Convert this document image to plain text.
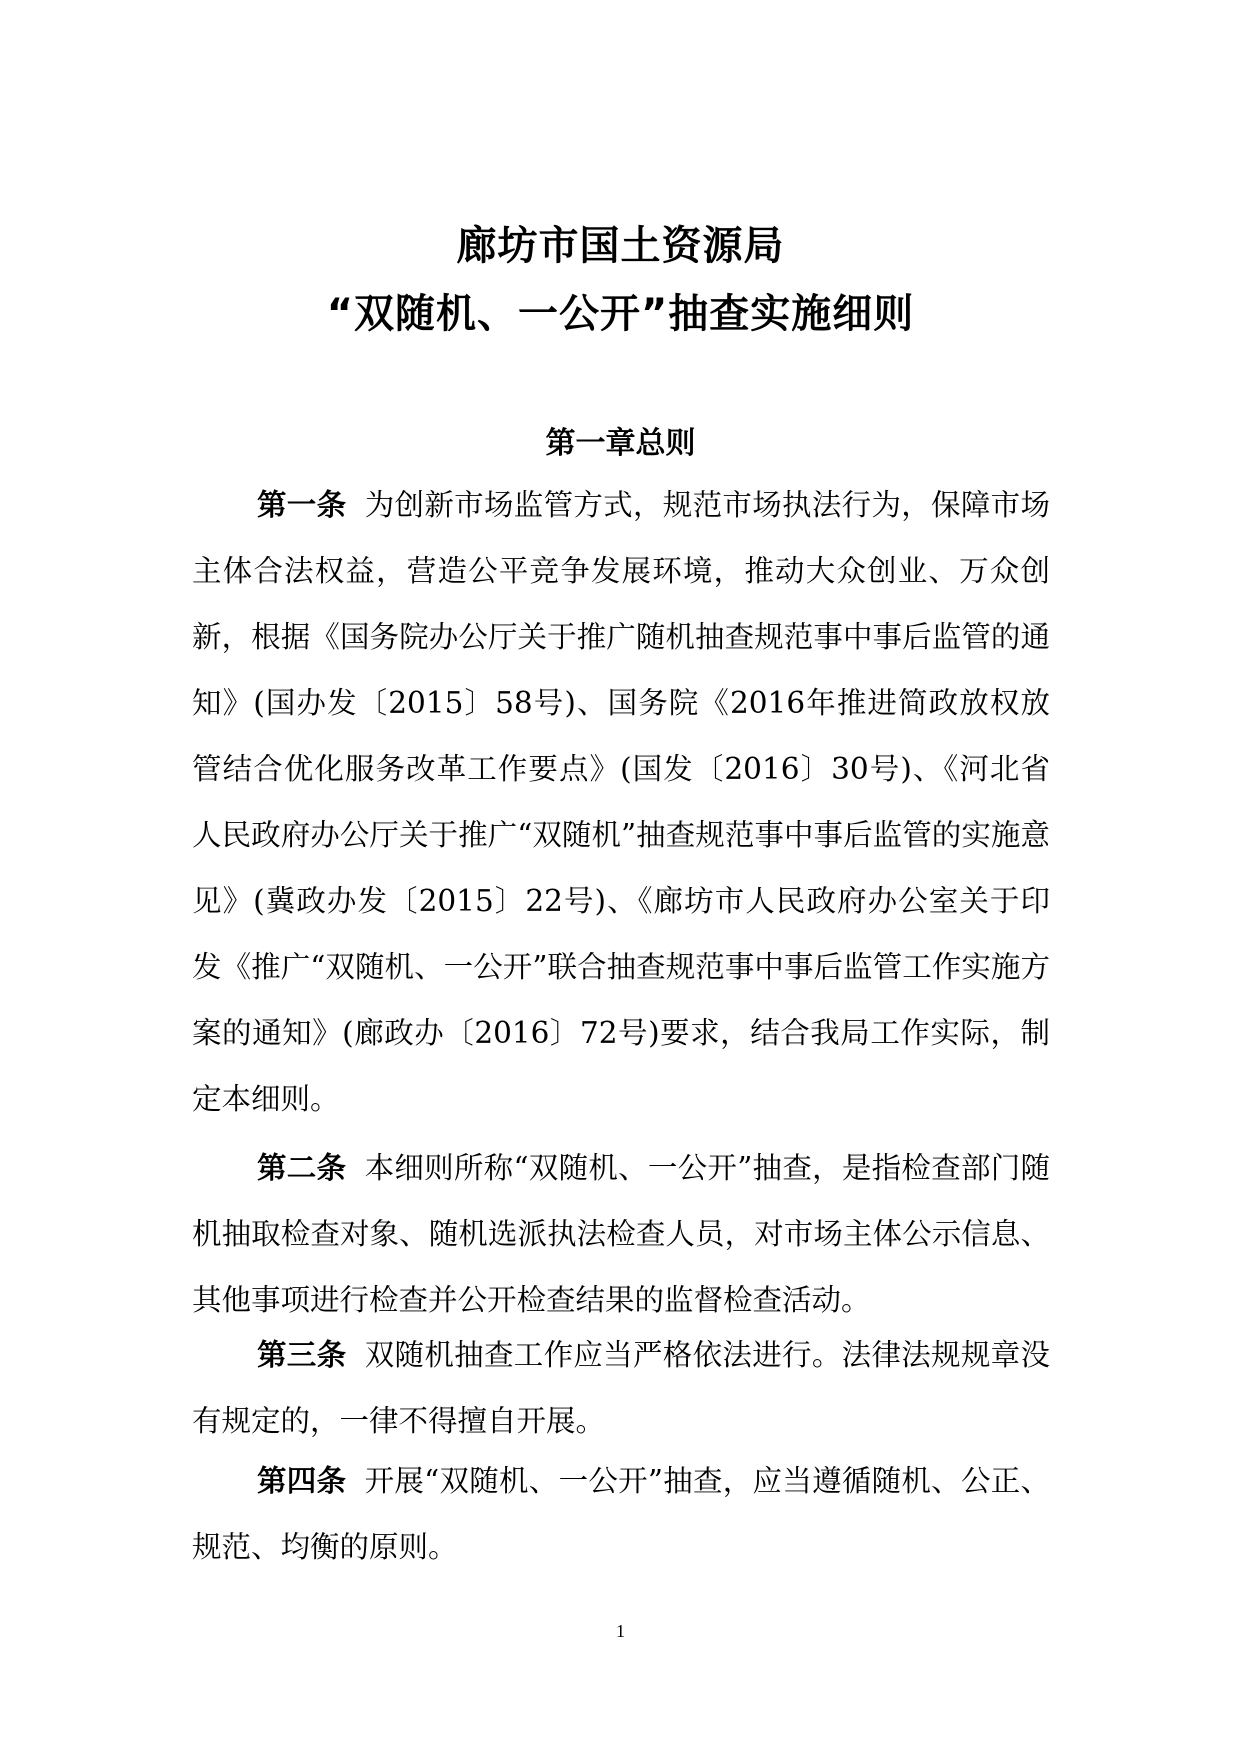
廊坊市国土资源局
“双随机、一公开”抽查实施细则
第一章总则

第一条 为创新市场监管方式，规范市场执法行为，保障市场主体合法权益，营造公平竞争发展环境，推动大众创业、万众创新，根据《国务院办公厅关于推广随机抽查规范事中事后监管的通知》(国办发〔2015〕58号)、国务院《2016年推进简政放权放管结合优化服务改革工作要点》(国发〔2016〕30号)、《河北省人民政府办公厅关于推广“双随机”抽查规范事中事后监管的实施意见》(冀政办发〔2015〕22号)、《廊坊市人民政府办公室关于印发《推广“双随机、一公开”联合抽查规范事中事后监管工作实施方案的通知》(廊政办〔2016〕72号)要求，结合我局工作实际，制定本细则。

第二条 本细则所称“双随机、一公开”抽查，是指检查部门随机抽取检查对象、随机选派执法检查人员，对市场主体公示信息、其他事项进行检查并公开检查结果的监督检查活动。

第三条 双随机抽查工作应当严格依法进行。法律法规规章没有规定的，一律不得擅自开展。

第四条 开展“双随机、一公开”抽查，应当遵循随机、公正、规范、均衡的原则。

1
